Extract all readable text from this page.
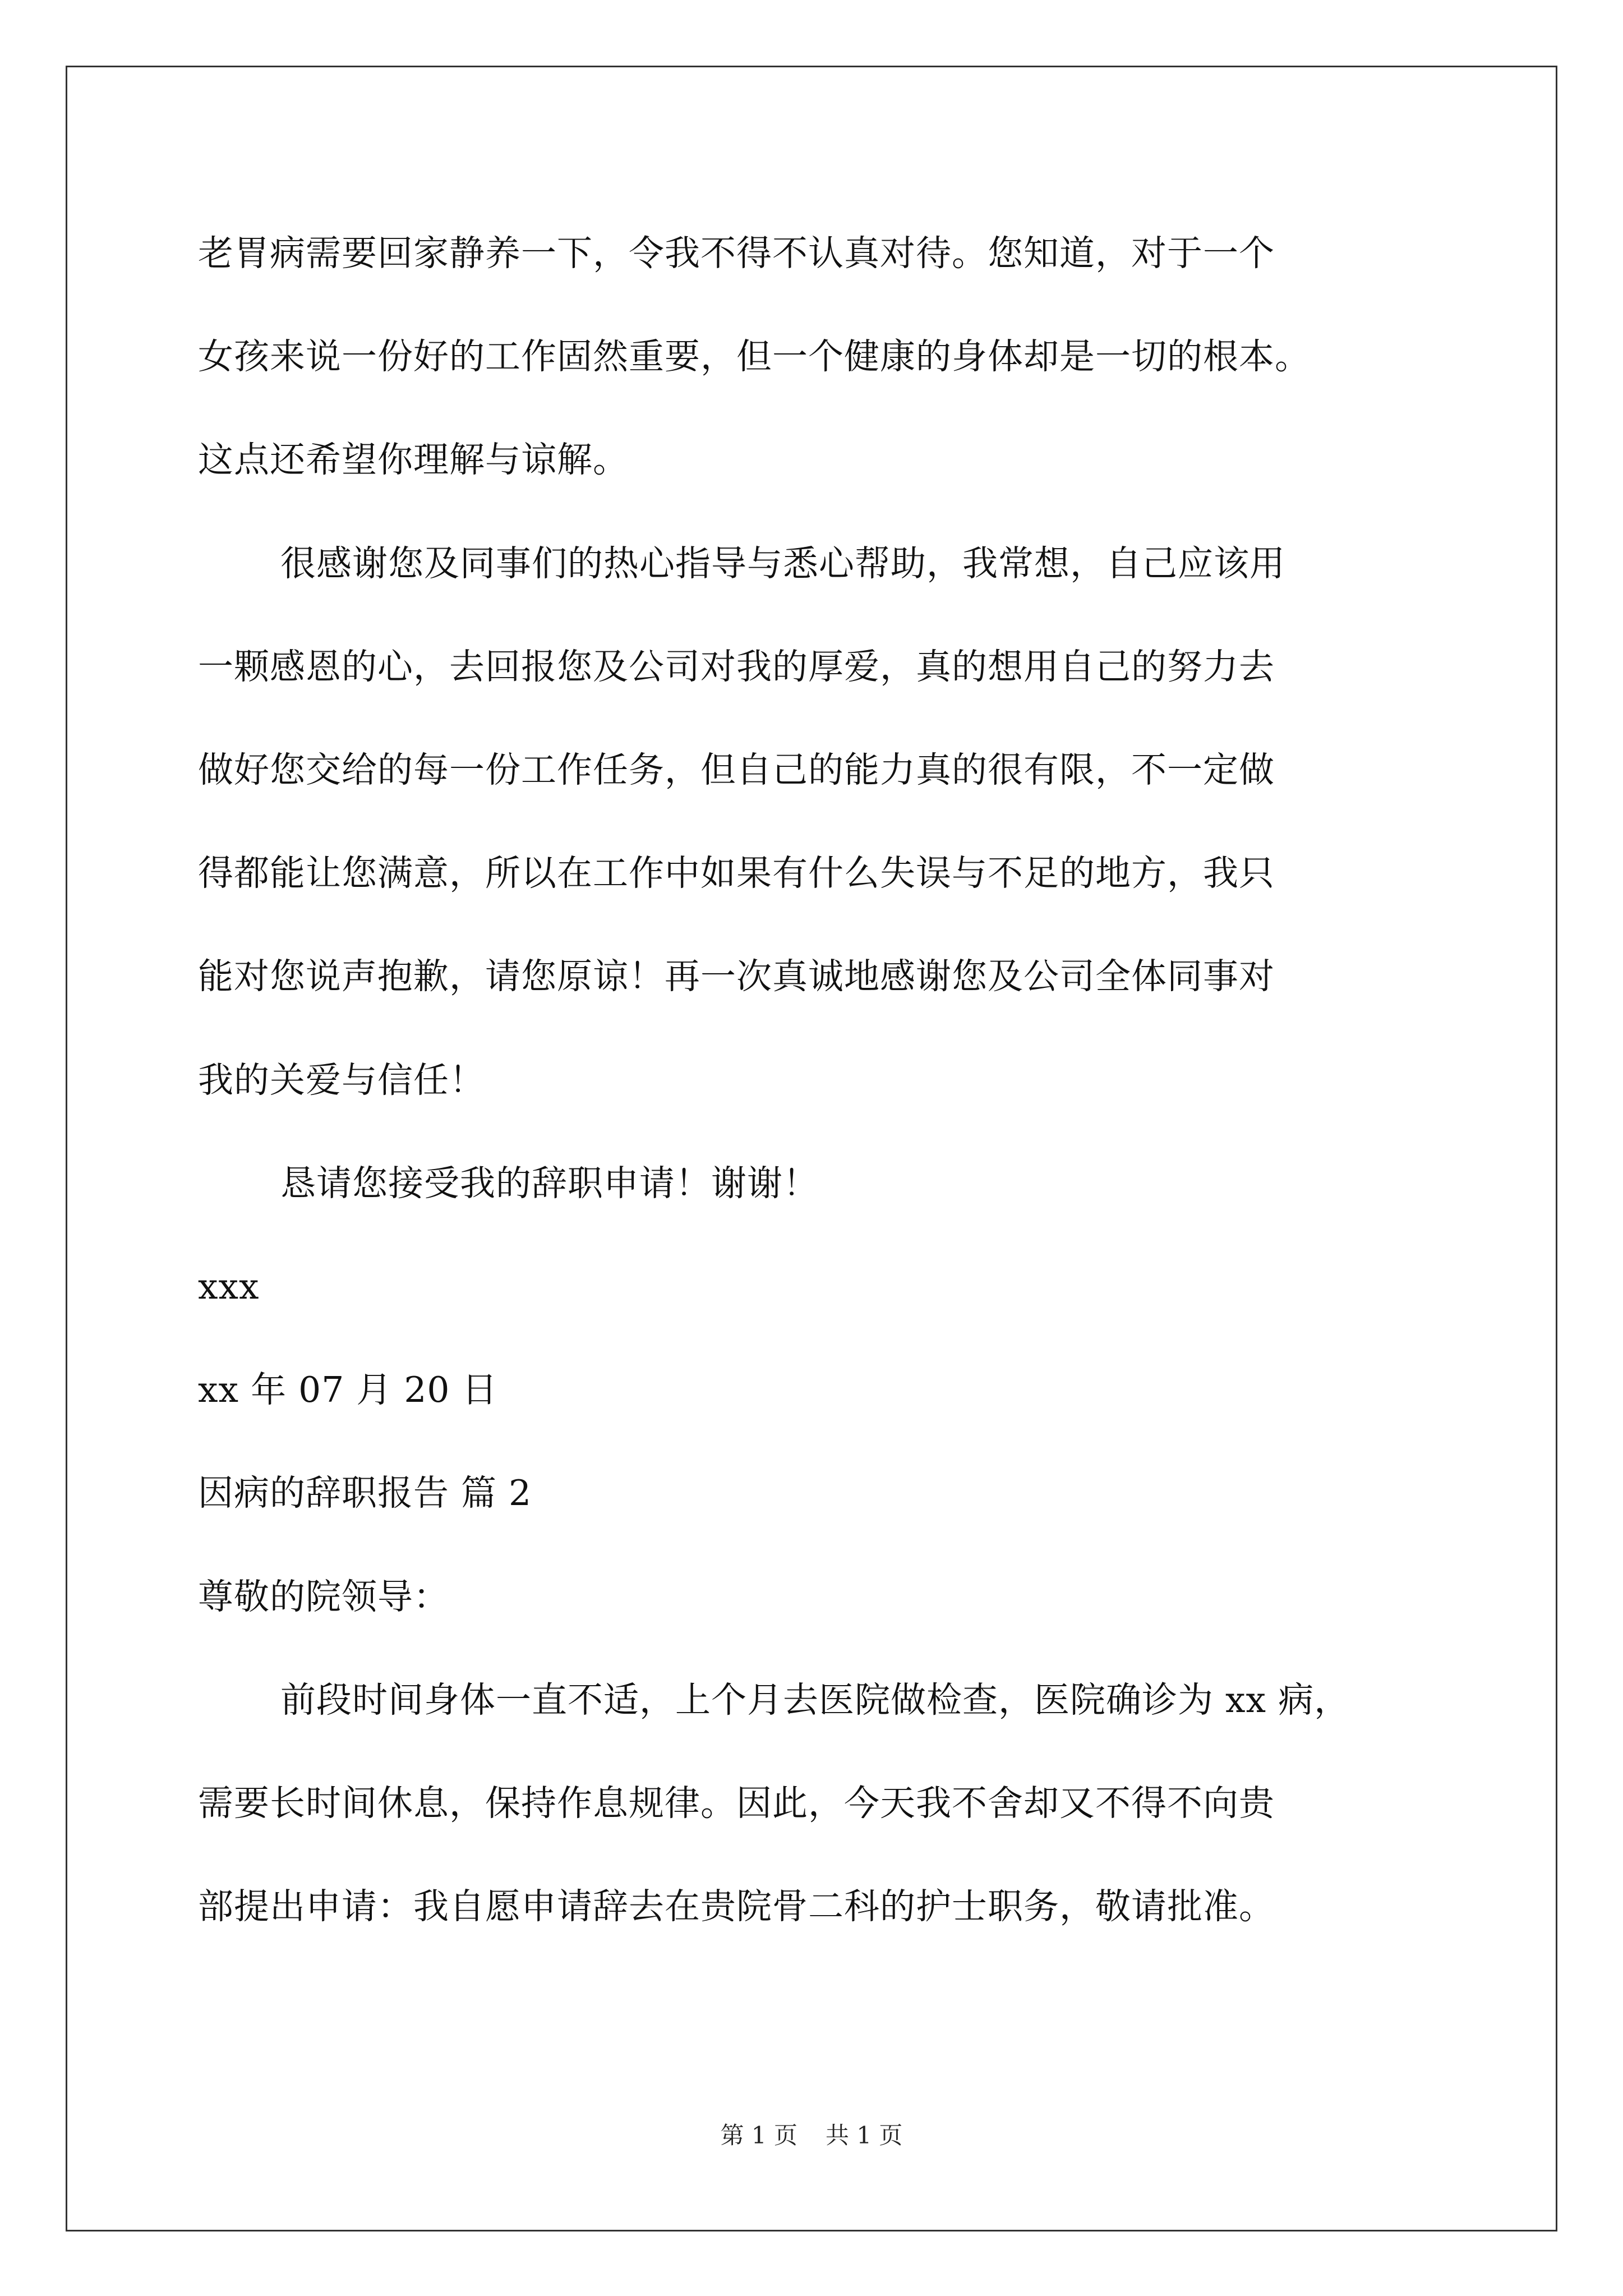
老胃病需要回家静养一下，令我不得不认真对待。您知道，对于一个
女孩来说一份好的工作固然重要，但一个健康的身体却是一切的根本。
这点还希望你理解与谅解。
很感谢您及同事们的热心指导与悉心帮助，我常想，自己应该用
一颗感恩的心，去回报您及公司对我的厚爱，真的想用自己的努力去
做好您交给的每一份工作任务，但自己的能力真的很有限，不一定做
得都能让您满意，所以在工作中如果有什么失误与不足的地方，我只
能对您说声抱歉，请您原谅！再一次真诚地感谢您及公司全体同事对
我的关爱与信任！
恳请您接受我的辞职申请！谢谢！
xxx
xx 年 07 月 20 日
因病的辞职报告 篇 2
尊敬的院领导：
前段时间身体一直不适，上个月去医院做检查，医院确诊为 xx 病，
需要长时间休息，保持作息规律。因此，今天我不舍却又不得不向贵
部提出申请：我自愿申请辞去在贵院骨二科的护士职务，敬请批准。
第 1 页 共 1 页
